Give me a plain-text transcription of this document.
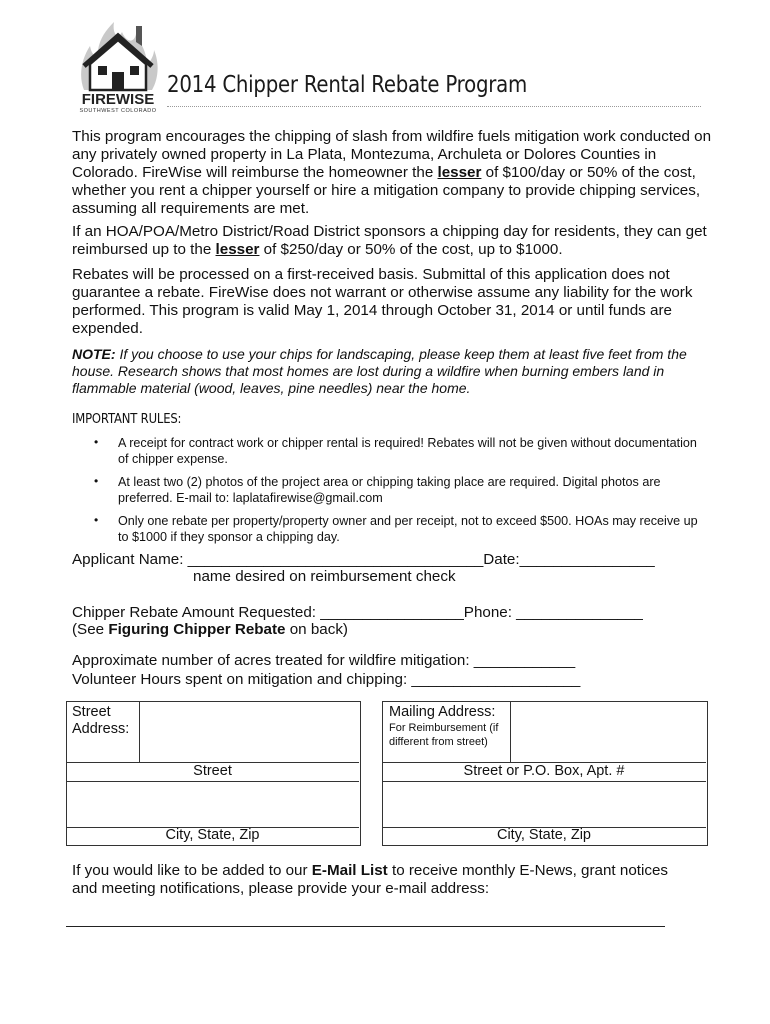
FIREWISE
SOUTHWEST COLORADO
2014 Chipper Rental Rebate Program
This program encourages the chipping of slash from wildfire fuels mitigation work conducted on any privately owned property in La Plata, Montezuma, Archuleta or Dolores Counties in Colorado. FireWise will reimburse the homeowner the lesser of $100/day or 50% of the cost, whether you rent a chipper yourself or hire a mitigation company to provide chipping services, assuming all requirements are met.
If an HOA/POA/Metro District/Road District sponsors a chipping day for residents, they can get reimbursed up to the lesser of $250/day or 50% of the cost, up to $1000.
Rebates will be processed on a first-received basis. Submittal of this application does not guarantee a rebate. FireWise does not warrant or otherwise assume any liability for the work performed. This program is valid May 1, 2014 through October 31, 2014 or until funds are expended.
NOTE: If you choose to use your chips for landscaping, please keep them at least five feet from the house. Research shows that most homes are lost during a wildfire when burning embers land in flammable material (wood, leaves, pine needles) near the home.
IMPORTANT RULES:
• A receipt for contract work or chipper rental is required! Rebates will not be given without documentation of chipper expense.
• At least two (2) photos of the project area or chipping taking place are required. Digital photos are preferred. E-mail to: laplatafirewise@gmail.com
• Only one rebate per property/property owner and per receipt, not to exceed $500. HOAs may receive up to $1000 if they sponsor a chipping day.
Applicant Name: ___________________________________Date:________________
name desired on reimbursement check
Chipper Rebate Amount Requested: _________________Phone: _______________
(See Figuring Chipper Rebate on back)
Approximate number of acres treated for wildfire mitigation: ____________
Volunteer Hours spent on mitigation and chipping: ____________________
Street Address:
Street
City, State, Zip
Mailing Address:
For Reimbursement (if different from street)
Street or P.O. Box, Apt. #
City, State, Zip
If you would like to be added to our E-Mail List to receive monthly E-News, grant notices and meeting notifications, please provide your e-mail address:
